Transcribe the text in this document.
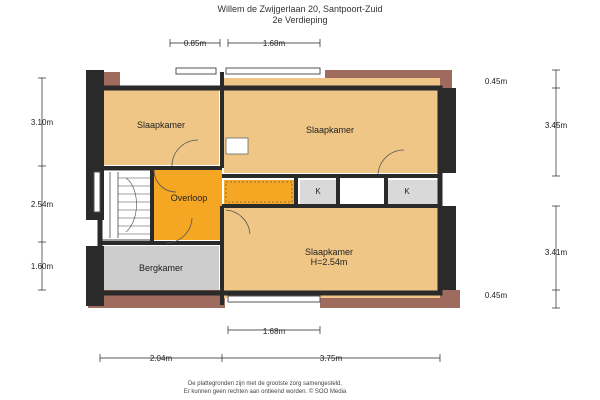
Willem de Zwijgerlaan 20, Santpoort-Zuid
2e Verdieping
Slaapkamer	Slaapkamer
Overloop
Bergkamer
Slaapkamer
H=2.54m
K	K
0.85m	1.68m
1.68m
2.04m	3.75m
3.10m
2.54m
1.60m
0.45m
3.45m
3.41m
0.45m
De plattegronden zijn met de grootste zorg samengesteld.
Er kunnen geen rechten aan ontleend worden. © SOO Media
